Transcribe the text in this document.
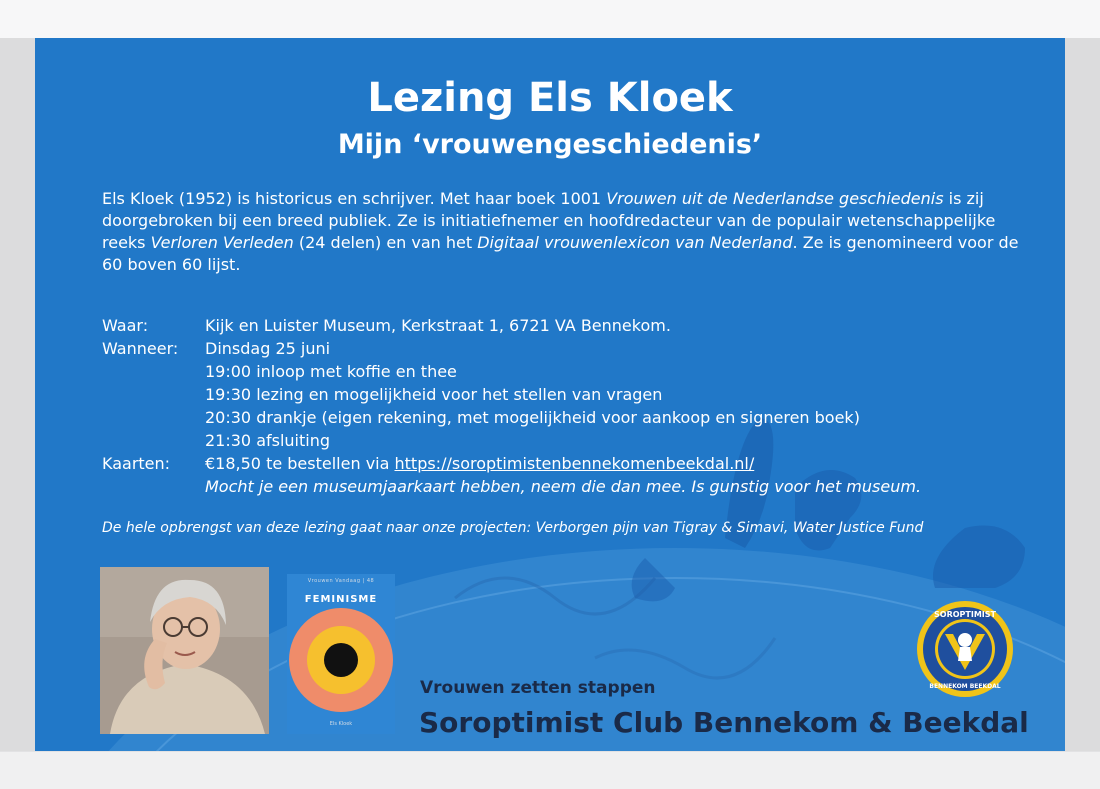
Lezing Els Kloek
Mijn ‘vrouwengeschiedenis’
Els Kloek (1952) is historicus en schrijver. Met haar boek 1001 Vrouwen uit de Nederlandse geschiedenis is zij doorgebroken bij een breed publiek. Ze is initiatiefnemer en hoofdredacteur van de populair wetenschappelijke reeks Verloren Verleden (24 delen) en van het Digitaal vrouwenlexicon van Nederland. Ze is genomineerd voor de 60 boven 60 lijst.
Waar:	Kijk en Luister Museum, Kerkstraat 1, 6721 VA Bennekom.
Wanneer:	Dinsdag 25 juni
19:00 inloop met koffie en thee
19:30 lezing en mogelijkheid voor het stellen van vragen
20:30 drankje (eigen rekening, met mogelijkheid voor aankoop en signeren boek)
21:30 afsluiting
Kaarten:	€18,50 te bestellen via https://soroptimistenbennekomenbeekdal.nl/
Mocht je een museumjaarkaart hebben, neem die dan mee. Is gunstig voor het museum.
De hele opbrengst van deze lezing gaat naar onze projecten: Verborgen pijn van Tigray & Simavi, Water Justice Fund
Vrouwen Vandaag | 48
FEMINISME
Els Kloek
Vrouwen zetten stappen
Soroptimist Club Bennekom & Beekdal
SOROPTIMIST
BENNEKOM BEEKDAL
